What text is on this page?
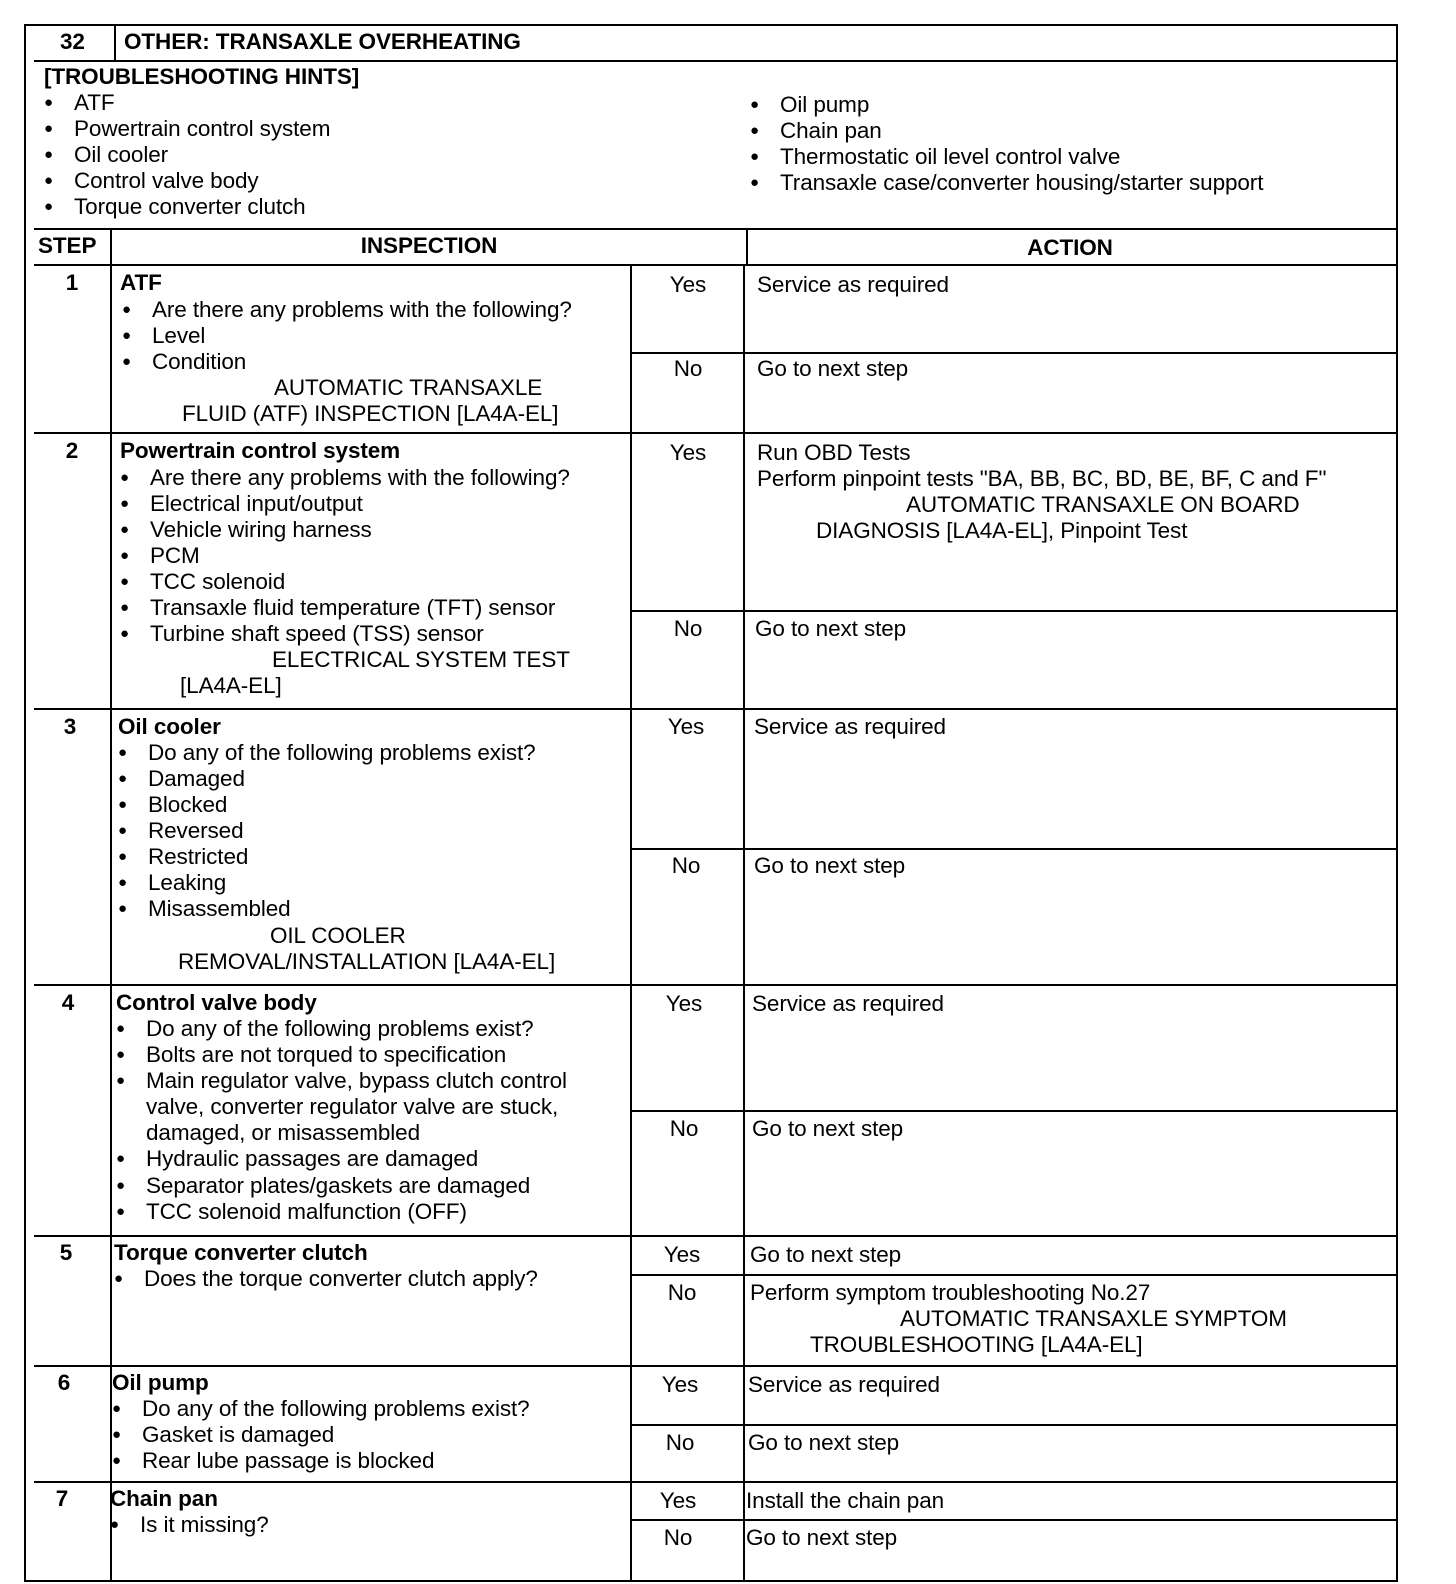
32 OTHER: TRANSAXLE OVERHEATING
[TROUBLESHOOTING HINTS]
● ATF
● Powertrain control system
● Oil cooler
● Control valve body
● Torque converter clutch
● Oil pump
● Chain pan
● Thermostatic oil level control valve
● Transaxle case/converter housing/starter support
STEP	INSPECTION	ACTION
1	ATF
● Are there any problems with the following?
● Level
● Condition
AUTOMATIC TRANSAXLE
FLUID (ATF) INSPECTION [LA4A-EL]
Yes	Service as required
No	Go to next step
2	Powertrain control system
● Are there any problems with the following?
● Electrical input/output
● Vehicle wiring harness
● PCM
● TCC solenoid
● Transaxle fluid temperature (TFT) sensor
● Turbine shaft speed (TSS) sensor
ELECTRICAL SYSTEM TEST
[LA4A-EL]
Yes	Run OBD Tests
Perform pinpoint tests "BA, BB, BC, BD, BE, BF, C and F"
AUTOMATIC TRANSAXLE ON BOARD
DIAGNOSIS [LA4A-EL], Pinpoint Test
No	Go to next step
3	Oil cooler
● Do any of the following problems exist?
● Damaged
● Blocked
● Reversed
● Restricted
● Leaking
● Misassembled
OIL COOLER
REMOVAL/INSTALLATION [LA4A-EL]
Yes	Service as required
No	Go to next step
4	Control valve body
● Do any of the following problems exist?
● Bolts are not torqued to specification
● Main regulator valve, bypass clutch control
valve, converter regulator valve are stuck,
damaged, or misassembled
● Hydraulic passages are damaged
● Separator plates/gaskets are damaged
● TCC solenoid malfunction (OFF)
Yes	Service as required
No	Go to next step
5	Torque converter clutch
● Does the torque converter clutch apply?
Yes	Go to next step
No	Perform symptom troubleshooting No.27
AUTOMATIC TRANSAXLE SYMPTOM
TROUBLESHOOTING [LA4A-EL]
6	Oil pump
● Do any of the following problems exist?
● Gasket is damaged
● Rear lube passage is blocked
Yes	Service as required
No	Go to next step
7	Chain pan
● Is it missing?
Yes	Install the chain pan
No	Go to next step
